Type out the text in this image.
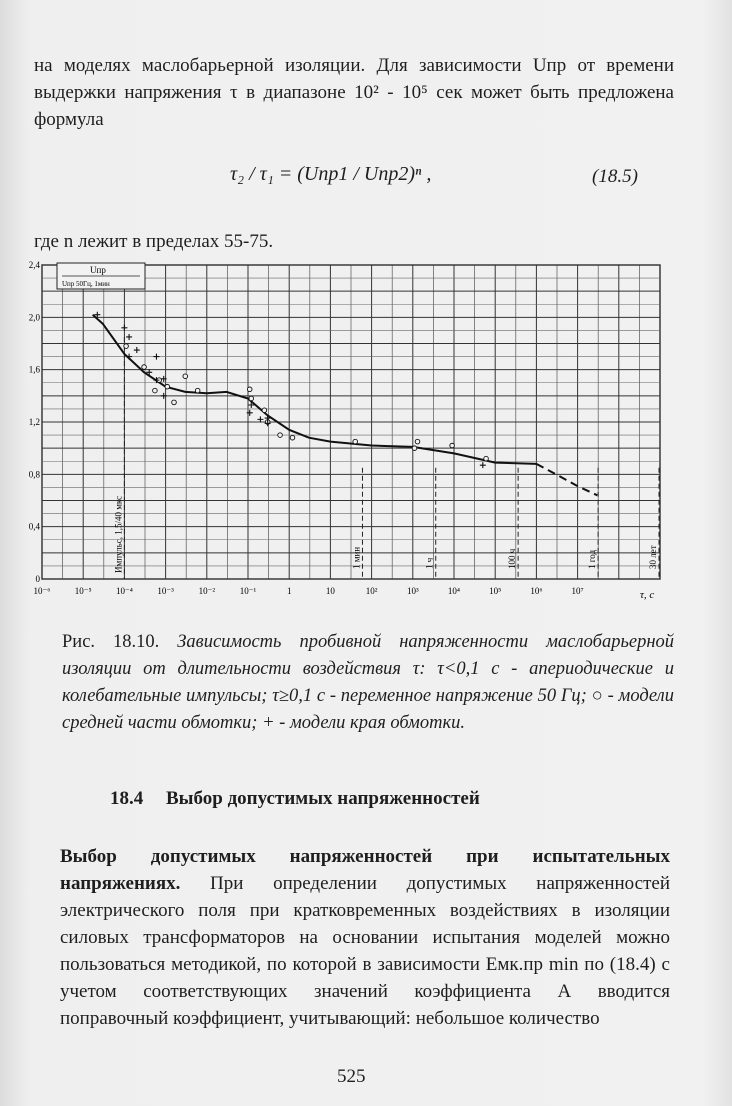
на моделях маслобарьерной изоляции. Для зависимости Uпр от времени выдержки напряжения τ в диапазоне 10² - 10⁵ сек может быть предложена формула
τ₂ / τ₁ = (Uпр1 / Uпр2)ⁿ ,	(18.5)
где n лежит в пределах 55-75.
10⁻⁶	10⁻⁵	10⁻⁴	10⁻³	10⁻²	10⁻¹	1	10	10²	10³	10⁴	10⁵	10⁶	10⁷
0
0,4
0,8
1,2
1,6
2,0
2,4
Импульс, 1,5/40 мкс	1 мин	1 ч	100 ч	1 год	30 лет
Uпр
Uпр 50Гц, 1мин
τ, с
Рис. 18.10. Зависимость пробивной напряженности маслобарьерной изоляции от длительности воздействия τ: τ<0,1 с - апериодические и колебательные импульсы; τ≥0,1 с - переменное напряжение 50 Гц; ○ - модели средней части обмотки; + - модели края обмотки.
18.4 Выбор допустимых напряженностей
Выбор допустимых напряженностей при испытательных напряжениях. При определении допустимых напряженностей электрического поля при кратковременных воздействиях в изоляции силовых трансформаторов на основании испытания моделей можно пользоваться методикой, по которой в зависимости Eмк.пр min по (18.4) с учетом соответствующих значений коэффициента А вводится поправочный коэффициент, учитывающий: небольшое количество
525
